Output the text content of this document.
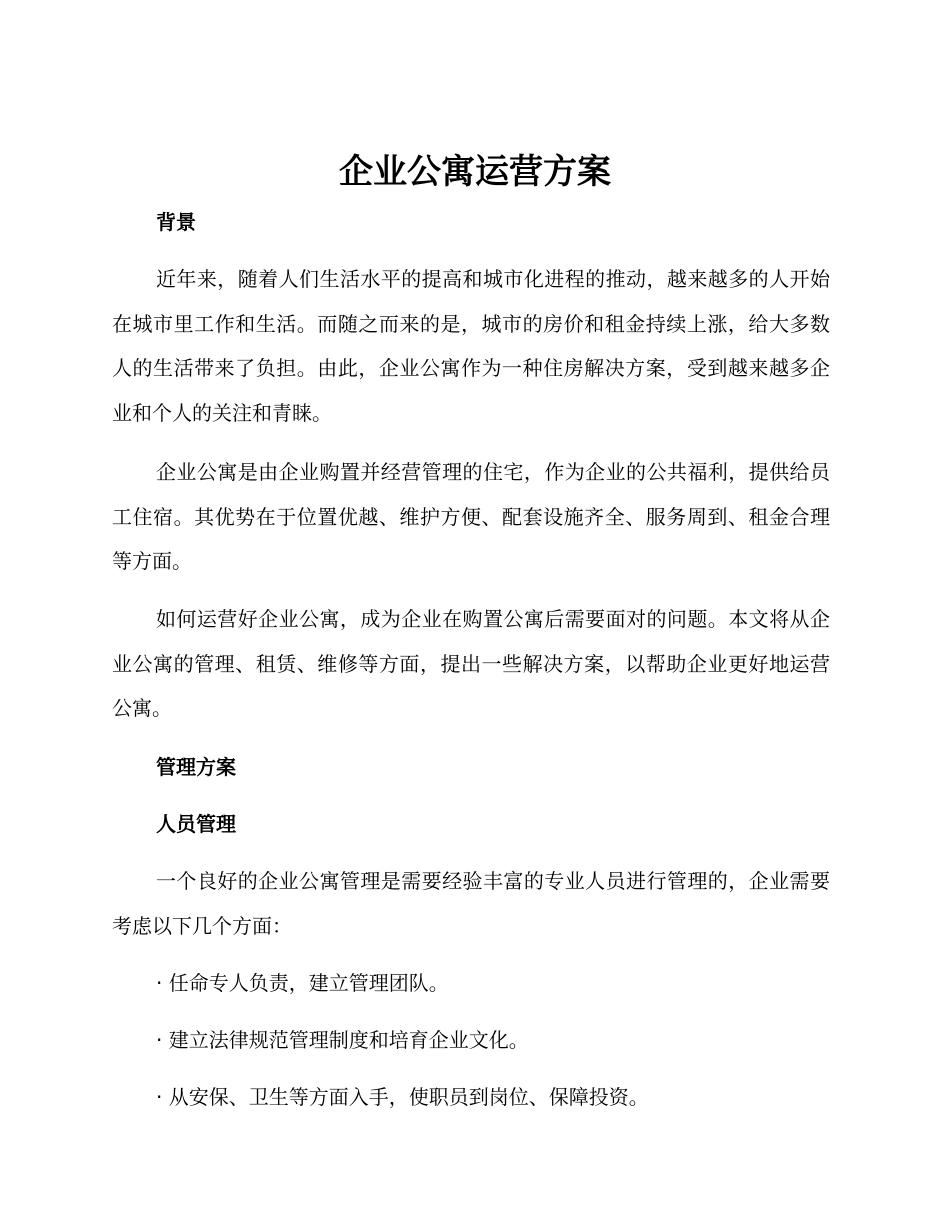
企业公寓运营方案

背景

近年来，随着人们生活水平的提高和城市化进程的推动，越来越多的人开始在城市里工作和生活。而随之而来的是，城市的房价和租金持续上涨，给大多数人的生活带来了负担。由此，企业公寓作为一种住房解决方案，受到越来越多企业和个人的关注和青睐。

企业公寓是由企业购置并经营管理的住宅，作为企业的公共福利，提供给员工住宿。其优势在于位置优越、维护方便、配套设施齐全、服务周到、租金合理等方面。

如何运营好企业公寓，成为企业在购置公寓后需要面对的问题。本文将从企业公寓的管理、租赁、维修等方面，提出一些解决方案，以帮助企业更好地运营公寓。

管理方案

人员管理

一个良好的企业公寓管理是需要经验丰富的专业人员进行管理的，企业需要考虑以下几个方面：

· 任命专人负责，建立管理团队。

· 建立法律规范管理制度和培育企业文化。

· 从安保、卫生等方面入手，使职员到岗位、保障投资。
